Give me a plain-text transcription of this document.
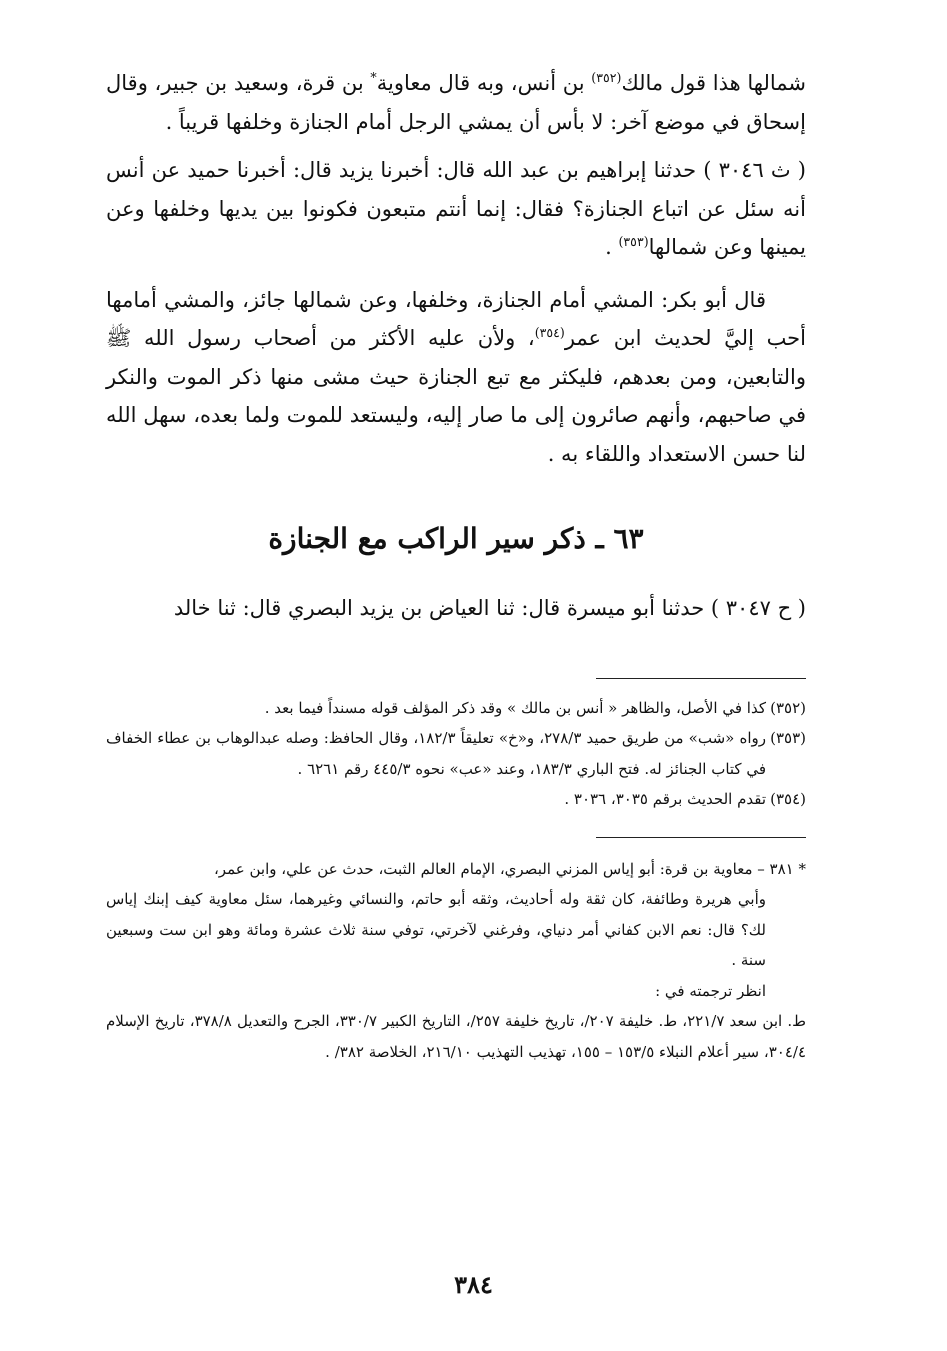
شمالها هذا قول مالك$^{(٣٥٢)}$ بن أنس، وبه قال معاوية* بن قرة، وسعيد بن جبير، وقال إسحاق في موضع آخر: لا بأس أن يمشي الرجل أمام الجنازة وخلفها قريباً .

( ث ٣٠٤٦ ) حدثنا إبراهيم بن عبد الله قال: أخبرنا يزيد قال: أخبرنا حميد عن أنس أنه سئل عن اتباع الجنازة؟ فقال: إنما أنتم متبعون فكونوا بين يديها وخلفها وعن يمينها وعن شمالها$^{(٣٥٣)}$ .

قال أبو بكر: المشي أمام الجنازة، وخلفها، وعن شمالها جائز، والمشي أمامها أحب إليَّ لحديث ابن عمر$^{(٣٥٤)}$، ولأن عليه الأكثر من أصحاب رسول الله ﷺ والتابعين، ومن بعدهم، فليكثر مع تبع الجنازة حيث مشى منها ذكر الموت والنكر في صاحبهم، وأنهم صائرون إلى ما صار إليه، وليستعد للموت ولما بعده، سهل الله لنا حسن الاستعداد واللقاء به .

٦٣ ـ ذكر سير الراكب مع الجنازة

( ح ٣٠٤٧ ) حدثنا أبو ميسرة قال: ثنا العياض بن يزيد البصري قال: ثنا خالد

(٣٥٢)
كذا في الأصل، والظاهر « أنس بن مالك » وقد ذكر المؤلف قوله مسنداً فيما بعد .
(٣٥٣)
رواه «شب» من طريق حميد ٢٧٨/٣، و«خ» تعليقاً ١٨٢/٣، وقال الحافظ: وصله عبدالوهاب بن عطاء الخفاف في كتاب الجنائز له. فتح الباري ١٨٣/٣، وعند «عب» نحوه ٤٤٥/٣ رقم ٦٢٦١ .
(٣٥٤)
تقدم الحديث برقم ٣٠٣٥، ٣٠٣٦ .

* ٣٨١ – معاوية بن قرة: أبو إياس المزني البصري، الإمام العالم الثبت، حدث عن علي، وابن عمر،

وأبي هريرة وطائفة، كان ثقة وله أحاديث، وثقه أبو حاتم، والنسائي وغيرهما، سئل معاوية كيف إبنك إياس لك؟ قال: نعم الابن كفاني أمر دنياي، وفرغني لآخرتي، توفي سنة ثلاث عشرة ومائة وهو ابن ست وسبعين سنة .

انظر ترجمته في :

ط. ابن سعد ٢٢١/٧، ط. خليفة ٢٠٧/، تاريخ خليفة ٢٥٧/، التاريخ الكبير ٣٣٠/٧، الجرح والتعديل ٣٧٨/٨، تاريخ الإسلام ٣٠٤/٤، سير أعلام النبلاء ١٥٣/٥ – ١٥٥، تهذيب التهذيب ٢١٦/١٠، الخلاصة ٣٨٢/ .

٣٨٤
